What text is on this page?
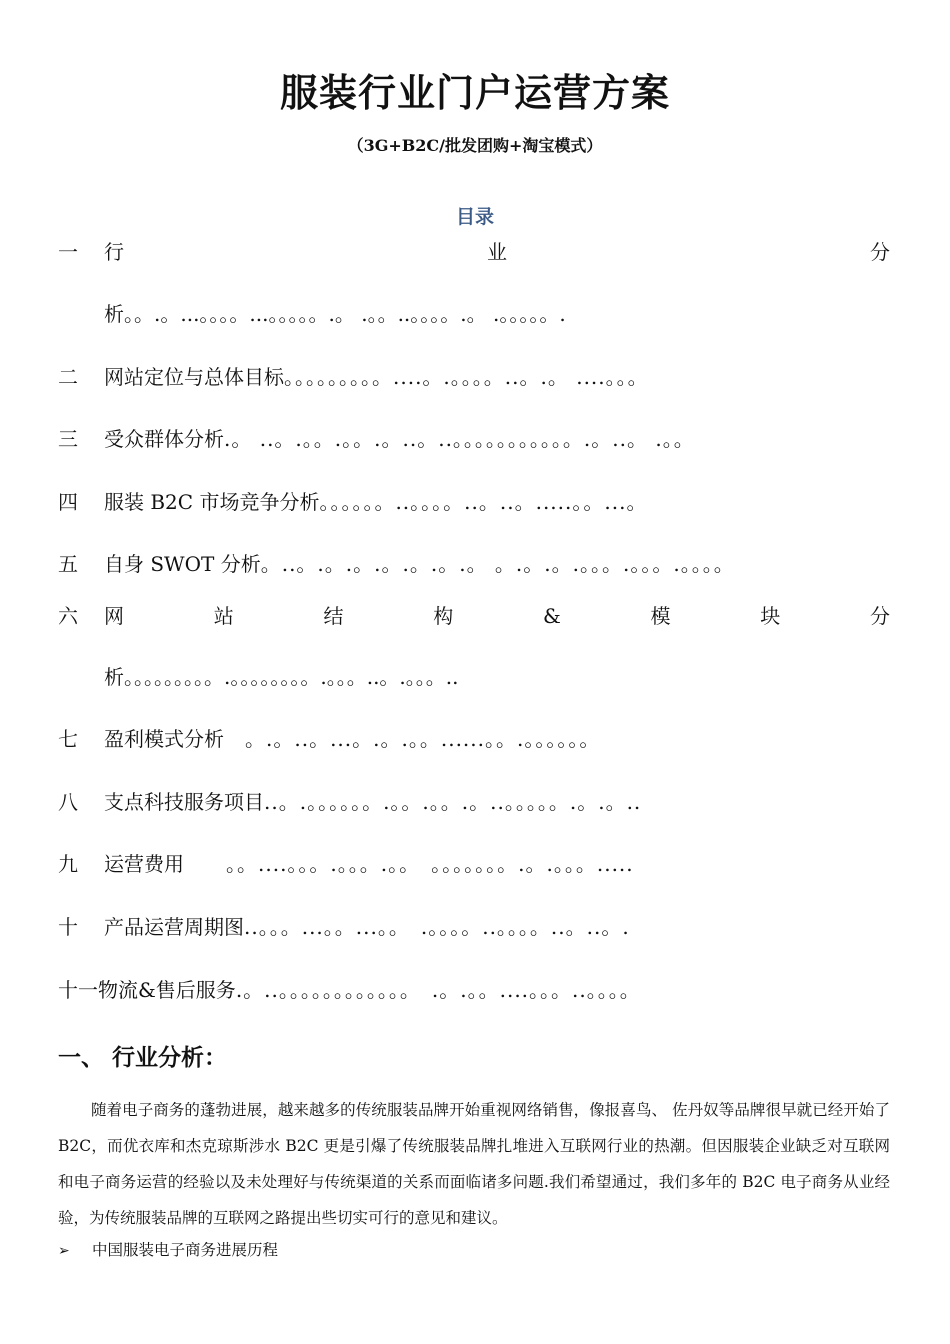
服装行业门户运营方案
（3G+B2C/批发团购+淘宝模式）
目录
一 行	业	分
析。。.。...。。。。...。。。。。.。 .。。..。。。。.。 .。。。。。.
二 网站定位与总体目标。。。。。。。。。....。.。。。。..。.。 ....。。。
三 受众群体分析.。 ..。.。。.。。.。..。..。。。。。。。。。。。.。..。 .。。
四 服装 B2C 市场竞争分析。。。。。。..。。。。..。..。.....。。...。
五 自身 SWOT 分析。..。.。.。.。.。.。.。 。.。.。.。。。.。。。.。。。。
六 网	站	结	构	&	模	块	分
析。。。。。。。。。.。。。。。。。。.。。。..。.。。。..
七 盈利模式分析　。.。..。...。.。.。。......。。.。。。。。。
八 支点科技服务项目..。.。。。。。。.。。.。。.。..。。。。。.。.。..
九 运营费用　　。。....。。。.。。。.。。　。。。。。。。.。.。。。.....
十 产品运营周期图..。。。...。。...。。　.。。。。..。。。。..。..。.
十一物流&售后服务.。..。。。。。。。。。。。。　.。.。。....。。。..。。。。
一、 行业分析：
随着电子商务的蓬勃进展，越来越多的传统服装品牌开始重视网络销售，像报喜鸟、 佐丹奴等品牌很早就已经开始了 B2C，而优衣库和杰克琼斯涉水 B2C 更是引爆了传统服装品牌扎堆进入互联网行业的热潮。但因服装企业缺乏对互联网和电子商务运营的经验以及未处理好与传统渠道的关系而面临诸多问题.我们希望通过，我们多年的 B2C 电子商务从业经验，为传统服装品牌的互联网之路提出些切实可行的意见和建议。
➢ 中国服装电子商务进展历程
